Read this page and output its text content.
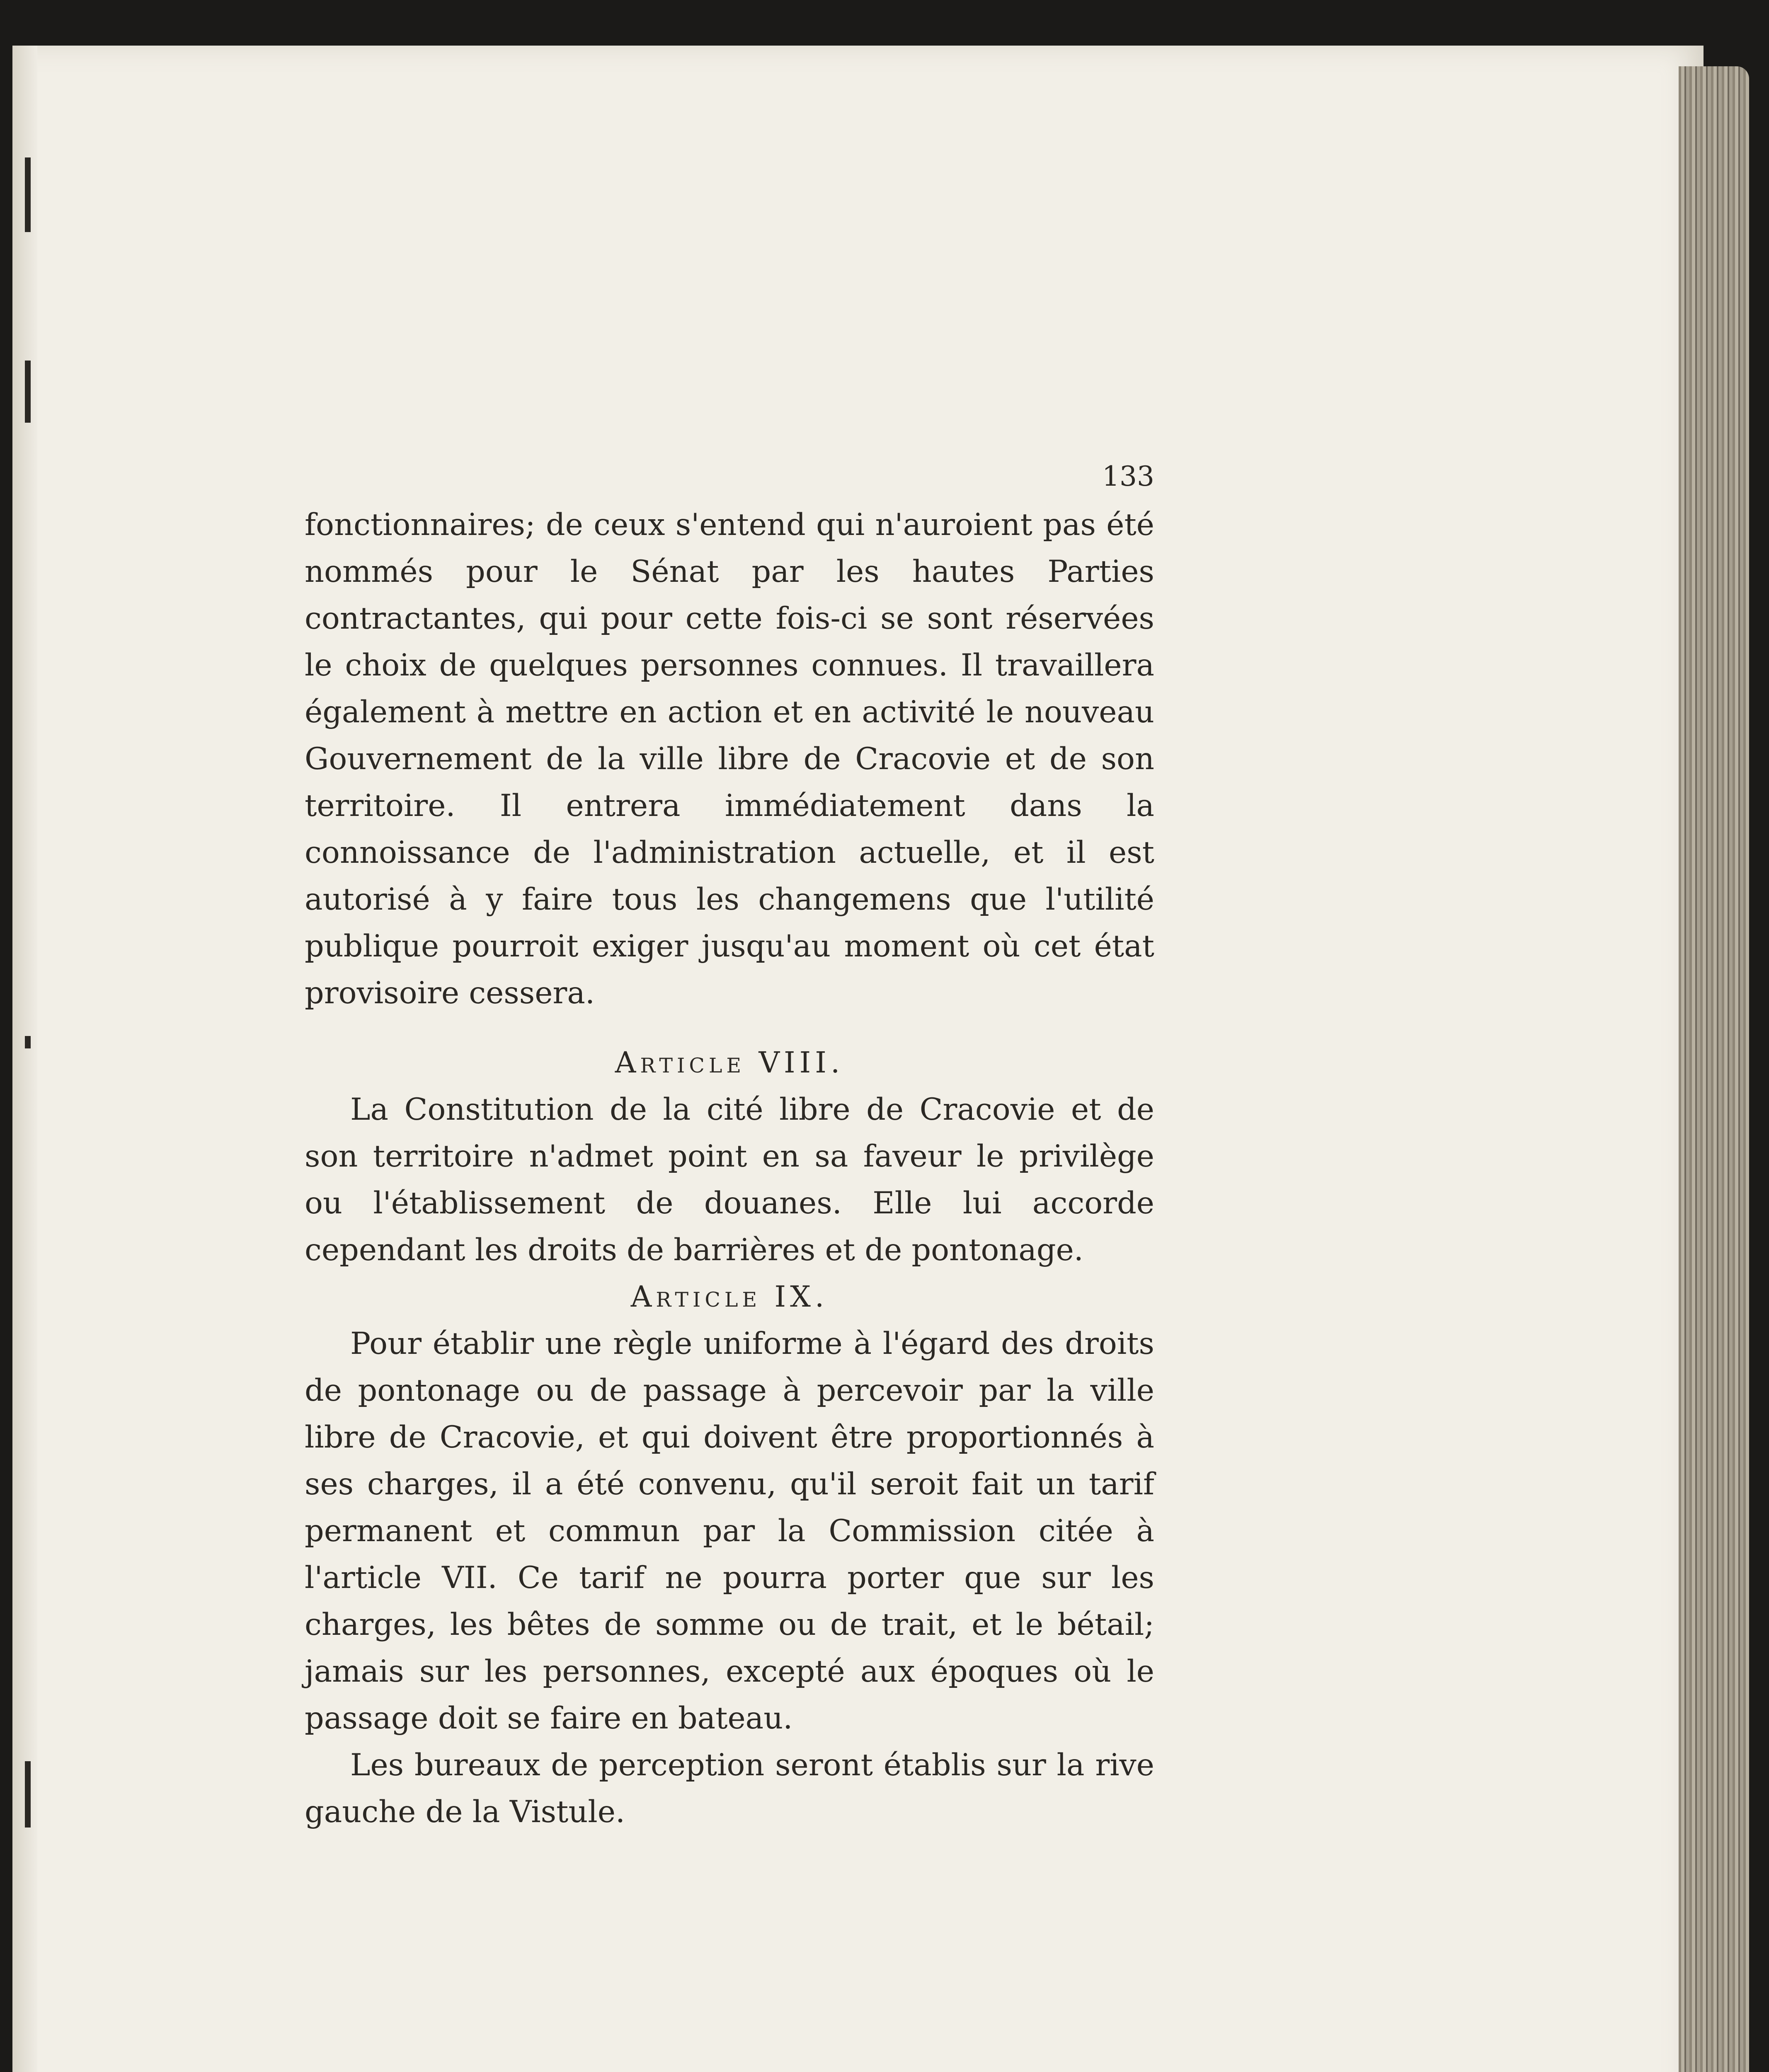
133

fonctionnaires; de ceux s'entend qui n'auroient pas été nommés pour le Sénat par les hautes Parties contractantes, qui pour cette fois-ci se sont réservées le choix de quelques personnes connues. Il travaillera également à mettre en action et en activité le nouveau Gouvernement de la ville libre de Cracovie et de son territoire. Il entrera immédiatement dans la connoissance de l'administration actuelle, et il est autorisé à y faire tous les changemens que l'utilité publique pourroit exiger jusqu'au moment où cet état provisoire cessera.

Article VIII.

La Constitution de la cité libre de Cracovie et de son territoire n'admet point en sa faveur le privilège ou l'établissement de douanes. Elle lui accorde cependant les droits de barrières et de pontonage.

Article IX.

Pour établir une règle uniforme à l'égard des droits de pontonage ou de passage à percevoir par la ville libre de Cracovie, et qui doivent être proportionnés à ses charges, il a été convenu, qu'il seroit fait un tarif permanent et commun par la Commission citée à l'article VII. Ce tarif ne pourra porter que sur les charges, les bêtes de somme ou de trait, et le bétail; jamais sur les personnes, excepté aux époques où le passage doit se faire en bateau.

Les bureaux de perception seront établis sur la rive gauche de la Vistule.
